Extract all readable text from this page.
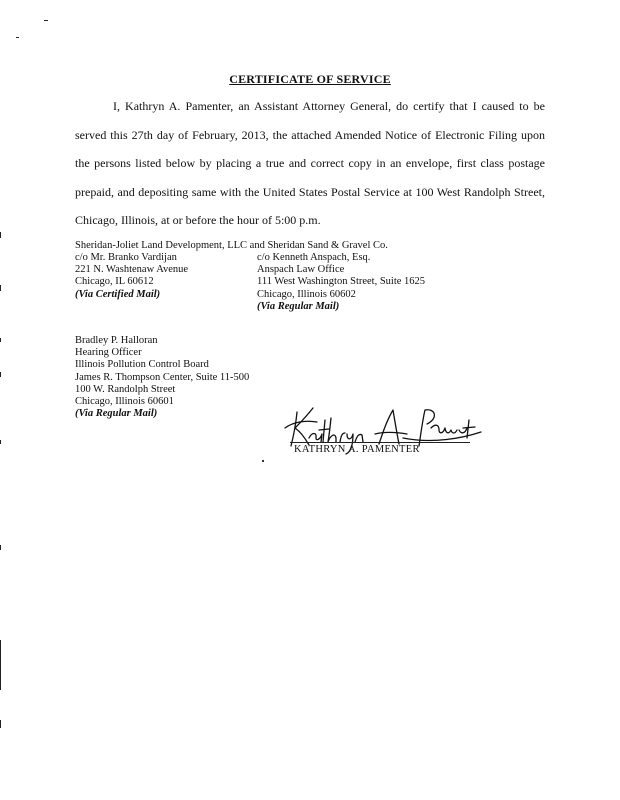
CERTIFICATE OF SERVICE
I, Kathryn A. Pamenter, an Assistant Attorney General, do certify that I caused to be served this 27th day of February, 2013, the attached Amended Notice of Electronic Filing upon the persons listed below by placing a true and correct copy in an envelope, first class postage prepaid, and depositing same with the United States Postal Service at 100 West Randolph Street, Chicago, Illinois, at or before the hour of 5:00 p.m.
Sheridan-Joliet Land Development, LLC and Sheridan Sand & Gravel Co.
c/o Mr. Branko Vardijan
221 N. Washtenaw Avenue
Chicago, IL 60612
(Via Certified Mail)
c/o Kenneth Anspach, Esq.
Anspach Law Office
111 West Washington Street, Suite 1625
Chicago, Illinois 60602
(Via Regular Mail)
Bradley P. Halloran
Hearing Officer
Illinois Pollution Control Board
James R. Thompson Center, Suite 11-500
100 W. Randolph Street
Chicago, Illinois 60601
(Via Regular Mail)
KATHRYN A. PAMENTER
